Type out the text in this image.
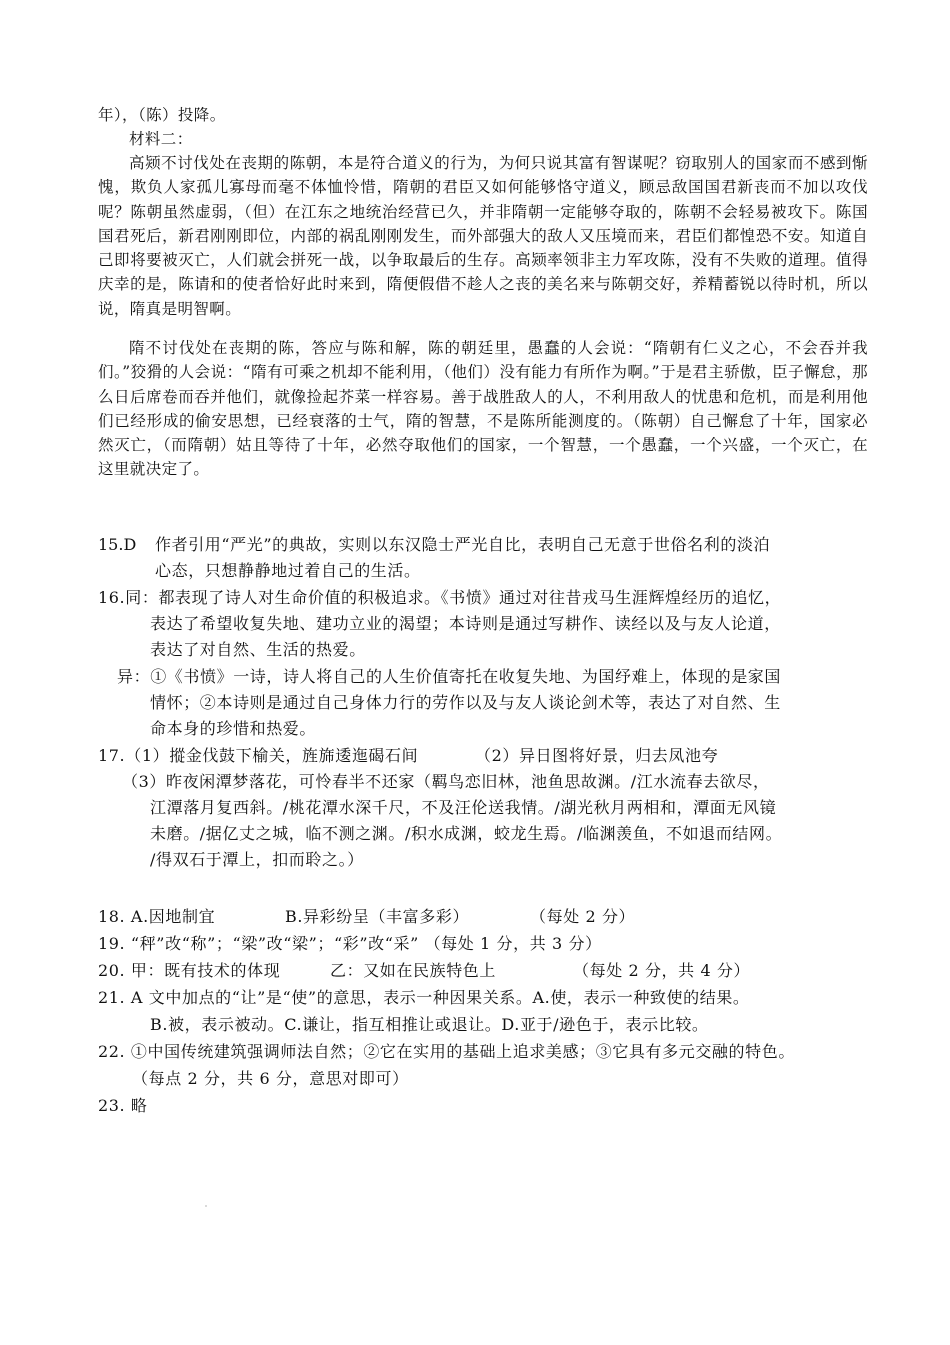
年），（陈）投降。

材料二：

高颎不讨伐处在丧期的陈朝，本是符合道义的行为，为何只说其富有智谋呢？窃取别人的国家而不感到惭愧，欺负人家孤儿寡母而毫不体恤怜惜，隋朝的君臣又如何能够恪守道义，顾忌敌国国君新丧而不加以攻伐呢？陈朝虽然虚弱，（但）在江东之地统治经营已久，并非隋朝一定能够夺取的，陈朝不会轻易被攻下。陈国国君死后，新君刚刚即位，内部的祸乱刚刚发生，而外部强大的敌人又压境而来，君臣们都惶恐不安。知道自己即将要被灭亡，人们就会拼死一战，以争取最后的生存。高颎率领非主力军攻陈，没有不失败的道理。值得庆幸的是，陈请和的使者恰好此时来到，隋便假借不趁人之丧的美名来与陈朝交好，养精蓄锐以待时机，所以说，隋真是明智啊。

隋不讨伐处在丧期的陈，答应与陈和解，陈的朝廷里，愚蠢的人会说：“隋朝有仁义之心，不会吞并我们。”狡猾的人会说：“隋有可乘之机却不能利用，（他们）没有能力有所作为啊。”于是君主骄傲，臣子懈怠，那么日后席卷而吞并他们，就像捡起芥菜一样容易。善于战胜敌人的人，不利用敌人的忧患和危机，而是利用他们已经形成的偷安思想，已经衰落的士气，隋的智慧，不是陈所能测度的。（陈朝）自己懈怠了十年，国家必然灭亡，（而隋朝）姑且等待了十年，必然夺取他们的国家，一个智慧，一个愚蠢，一个兴盛，一个灭亡，在这里就决定了。

15.D 作者引用“严光”的典故，实则以东汉隐士严光自比，表明自己无意于世俗名利的淡泊

心态，只想静静地过着自己的生活。

16.同：都表现了诗人对生命价值的积极追求。《书愤》通过对往昔戎马生涯辉煌经历的追忆，

表达了希望收复失地、建功立业的渴望；本诗则是通过写耕作、读经以及与友人论道，

表达了对自然、生活的热爱。

异：①《书愤》一诗，诗人将自己的人生价值寄托在收复失地、为国纾难上，体现的是家国

情怀；②本诗则是通过自己身体力行的劳作以及与友人谈论剑术等，表达了对自然、生

命本身的珍惜和热爱。

17.（1）摐金伐鼓下榆关，旌旆逶迤碣石间	（2）异日图将好景，归去凤池夸

（3）昨夜闲潭梦落花，可怜春半不还家（羁鸟恋旧林，池鱼思故渊。/江水流春去欲尽，

江潭落月复西斜。/桃花潭水深千尺，不及汪伦送我情。/湖光秋月两相和，潭面无风镜

未磨。/据亿丈之城，临不测之渊。/积水成渊，蛟龙生焉。/临渊羡鱼，不如退而结网。

/得双石于潭上，扣而聆之。）

18. A.因地制宜	B.异彩纷呈（丰富多彩）	（每处 2 分）

19. “秤”改“称”；“梁”改“梁”；“彩”改“采” （每处 1 分，共 3 分）

20. 甲：既有技术的体现	乙：又如在民族特色上	（每处 2 分，共 4 分）

21. A 文中加点的“让”是“使”的意思，表示一种因果关系。A.使，表示一种致使的结果。

B.被，表示被动。C.谦让，指互相推让或退让。D.亚于/逊色于，表示比较。

22. ①中国传统建筑强调师法自然；②它在实用的基础上追求美感；③它具有多元交融的特色。

（每点 2 分，共 6 分，意思对即可）

23. 略
